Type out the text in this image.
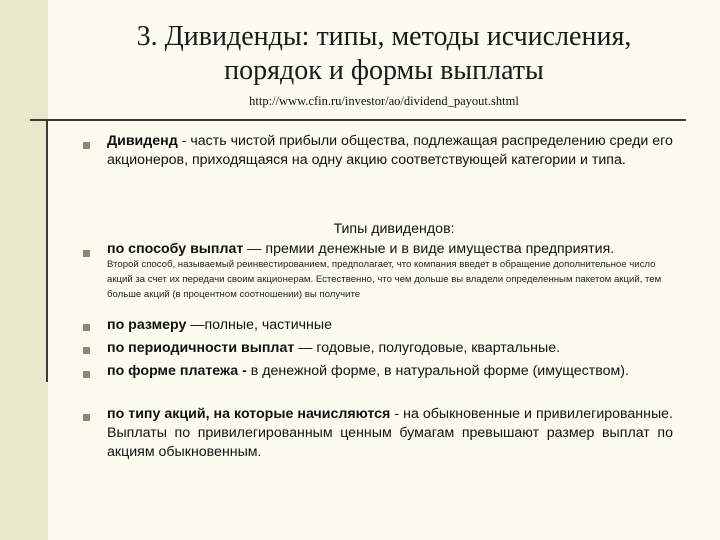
3. Дивиденды: типы, методы исчисления,
порядок и формы выплаты
http://www.cfin.ru/investor/ao/dividend_payout.shtml
Дивиденд - часть чистой прибыли общества, подлежащая распределению среди его акционеров, приходящаяся на одну акцию соответствующей категории и типа.
Типы дивидендов:
по способу выплат — премии денежные и в виде имущества предприятия.
Второй способ, называемый реинвестированием, предполагает, что компания введет в обращение дополнительное число акций за счет их передачи своим акционерам. Естественно, что чем дольше вы владели определенным пакетом акций, тем больше акций (в процентном соотношении) вы получите
по размеру —полные, частичные
по периодичности выплат — годовые, полугодовые, квартальные.
по форме платежа - в денежной форме, в натуральной форме (имуществом).
по типу акций, на которые начисляются - на обыкновенные и привилегированные. Выплаты по привилегированным ценным бумагам превышают размер выплат по акциям обыкновенным.
